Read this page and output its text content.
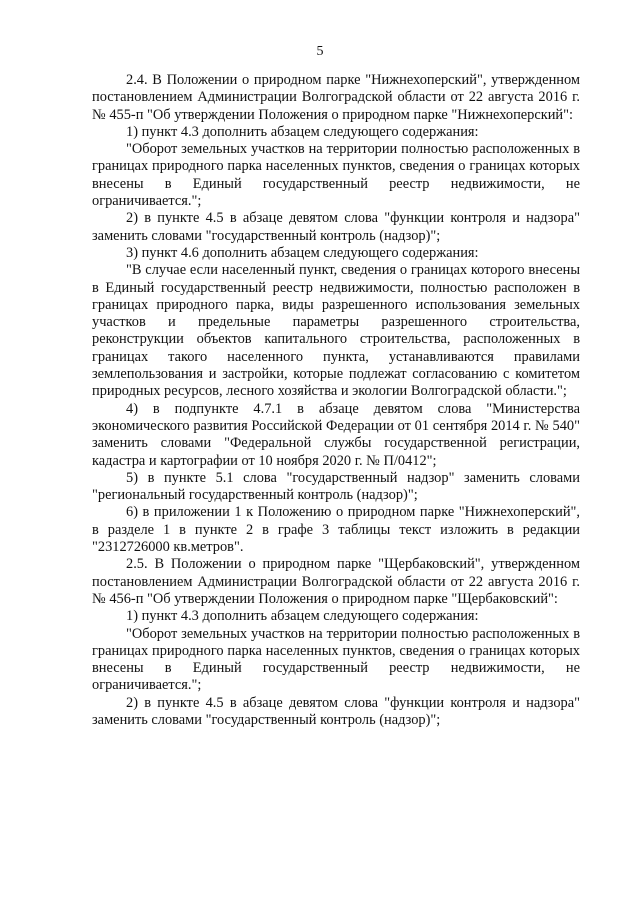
5

2.4. В Положении о природном парке "Нижнехоперский", утвержденном постановлением Администрации Волгоградской области от 22 августа 2016 г. № 455-п "Об утверждении Положения о природном парке "Нижнехоперский":

1) пункт 4.3 дополнить абзацем следующего содержания:

"Оборот земельных участков на территории полностью расположенных в границах природного парка населенных пунктов, сведения о границах которых внесены в Единый государственный реестр недвижимости, не ограничивается.";

2) в пункте 4.5 в абзаце девятом слова "функции контроля и надзора" заменить словами "государственный контроль (надзор)";

3) пункт 4.6 дополнить абзацем следующего содержания:

"В случае если населенный пункт, сведения о границах которого внесены в Единый государственный реестр недвижимости, полностью расположен в границах природного парка, виды разрешенного использования земельных участков и предельные параметры разрешенного строительства, реконструкции объектов капитального строительства, расположенных в границах такого населенного пункта, устанавливаются правилами землепользования и застройки, которые подлежат согласованию с комитетом природных ресурсов, лесного хозяйства и экологии Волгоградской области.";

4) в подпункте 4.7.1 в абзаце девятом слова "Министерства экономического развития Российской Федерации от 01 сентября 2014 г. № 540" заменить словами "Федеральной службы государственной регистрации, кадастра и картографии от 10 ноября 2020 г. № П/0412";

5) в пункте 5.1 слова "государственный надзор" заменить словами "региональный государственный контроль (надзор)";

6) в приложении 1 к Положению о природном парке "Нижнехоперский", в разделе 1 в пункте 2 в графе 3 таблицы текст изложить в редакции "2312726000 кв.метров".

2.5. В Положении о природном парке "Щербаковский", утвержденном постановлением Администрации Волгоградской области от 22 августа 2016 г. № 456-п "Об утверждении Положения о природном парке "Щербаковский":

1) пункт 4.3 дополнить абзацем следующего содержания:

"Оборот земельных участков на территории полностью расположенных в границах природного парка населенных пунктов, сведения о границах которых внесены в Единый государственный реестр недвижимости, не ограничивается.";

2) в пункте 4.5 в абзаце девятом слова "функции контроля и надзора" заменить словами "государственный контроль (надзор)";
